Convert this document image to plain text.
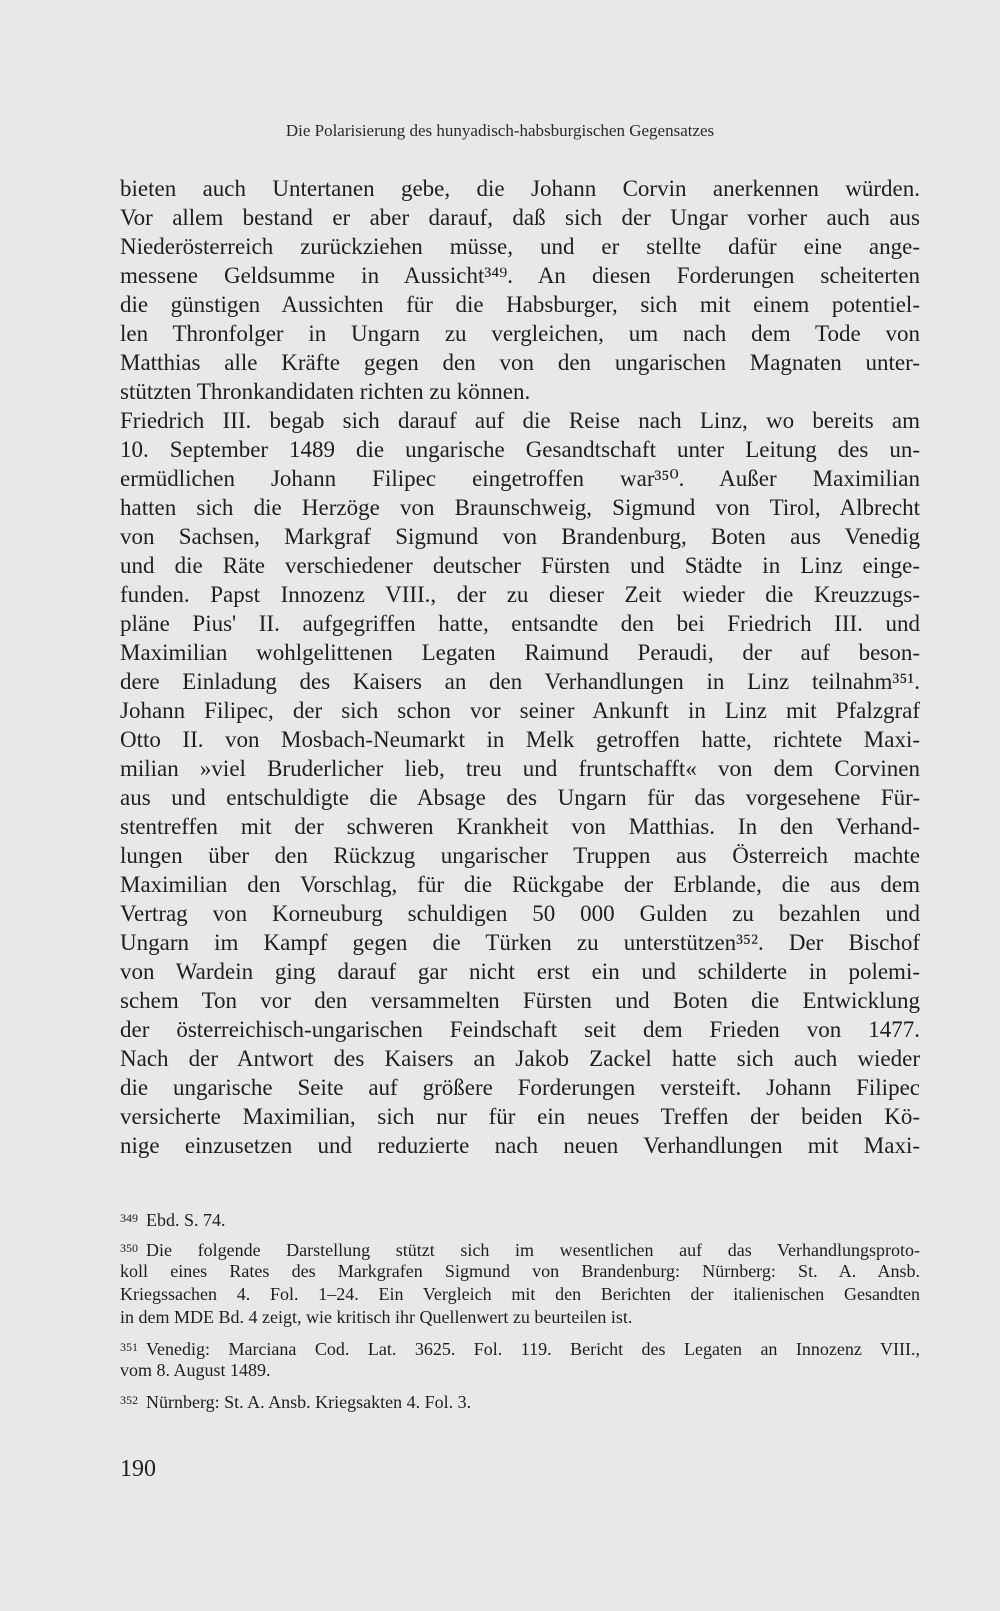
Die Polarisierung des hunyadisch-habsburgischen Gegensatzes
bieten auch Untertanen gebe, die Johann Corvin anerkennen würden.
Vor allem bestand er aber darauf, daß sich der Ungar vorher auch aus
Niederösterreich zurückziehen müsse, und er stellte dafür eine ange-
messene Geldsumme in Aussicht³⁴⁹. An diesen Forderungen scheiterten
die günstigen Aussichten für die Habsburger, sich mit einem potentiel-
len Thronfolger in Ungarn zu vergleichen, um nach dem Tode von
Matthias alle Kräfte gegen den von den ungarischen Magnaten unter-
stützten Thronkandidaten richten zu können.
Friedrich III. begab sich darauf auf die Reise nach Linz, wo bereits am
10. September 1489 die ungarische Gesandtschaft unter Leitung des un-
ermüdlichen Johann Filipec eingetroffen war³⁵⁰. Außer Maximilian
hatten sich die Herzöge von Braunschweig, Sigmund von Tirol, Albrecht
von Sachsen, Markgraf Sigmund von Brandenburg, Boten aus Venedig
und die Räte verschiedener deutscher Fürsten und Städte in Linz einge-
funden. Papst Innozenz VIII., der zu dieser Zeit wieder die Kreuzzugs-
pläne Pius' II. aufgegriffen hatte, entsandte den bei Friedrich III. und
Maximilian wohlgelittenen Legaten Raimund Peraudi, der auf beson-
dere Einladung des Kaisers an den Verhandlungen in Linz teilnahm³⁵¹.
Johann Filipec, der sich schon vor seiner Ankunft in Linz mit Pfalzgraf
Otto II. von Mosbach-Neumarkt in Melk getroffen hatte, richtete Maxi-
milian »viel Bruderlicher lieb, treu und fruntschafft« von dem Corvinen
aus und entschuldigte die Absage des Ungarn für das vorgesehene Für-
stentreffen mit der schweren Krankheit von Matthias. In den Verhand-
lungen über den Rückzug ungarischer Truppen aus Österreich machte
Maximilian den Vorschlag, für die Rückgabe der Erblande, die aus dem
Vertrag von Korneuburg schuldigen 50 000 Gulden zu bezahlen und
Ungarn im Kampf gegen die Türken zu unterstützen³⁵². Der Bischof
von Wardein ging darauf gar nicht erst ein und schilderte in polemi-
schem Ton vor den versammelten Fürsten und Boten die Entwicklung
der österreichisch-ungarischen Feindschaft seit dem Frieden von 1477.
Nach der Antwort des Kaisers an Jakob Zackel hatte sich auch wieder
die ungarische Seite auf größere Forderungen versteift. Johann Filipec
versicherte Maximilian, sich nur für ein neues Treffen der beiden Kö-
nige einzusetzen und reduzierte nach neuen Verhandlungen mit Maxi-
$^{349}$ Ebd. S. 74.
$^{350}$ Die folgende Darstellung stützt sich im wesentlichen auf das Verhandlungsproto-
koll eines Rates des Markgrafen Sigmund von Brandenburg: Nürnberg: St. A. Ansb.
Kriegssachen 4. Fol. 1–24. Ein Vergleich mit den Berichten der italienischen Gesandten
in dem MDE Bd. 4 zeigt, wie kritisch ihr Quellenwert zu beurteilen ist.
$^{351}$ Venedig: Marciana Cod. Lat. 3625. Fol. 119. Bericht des Legaten an Innozenz VIII.,
vom 8. August 1489.
$^{352}$ Nürnberg: St. A. Ansb. Kriegsakten 4. Fol. 3.
190
